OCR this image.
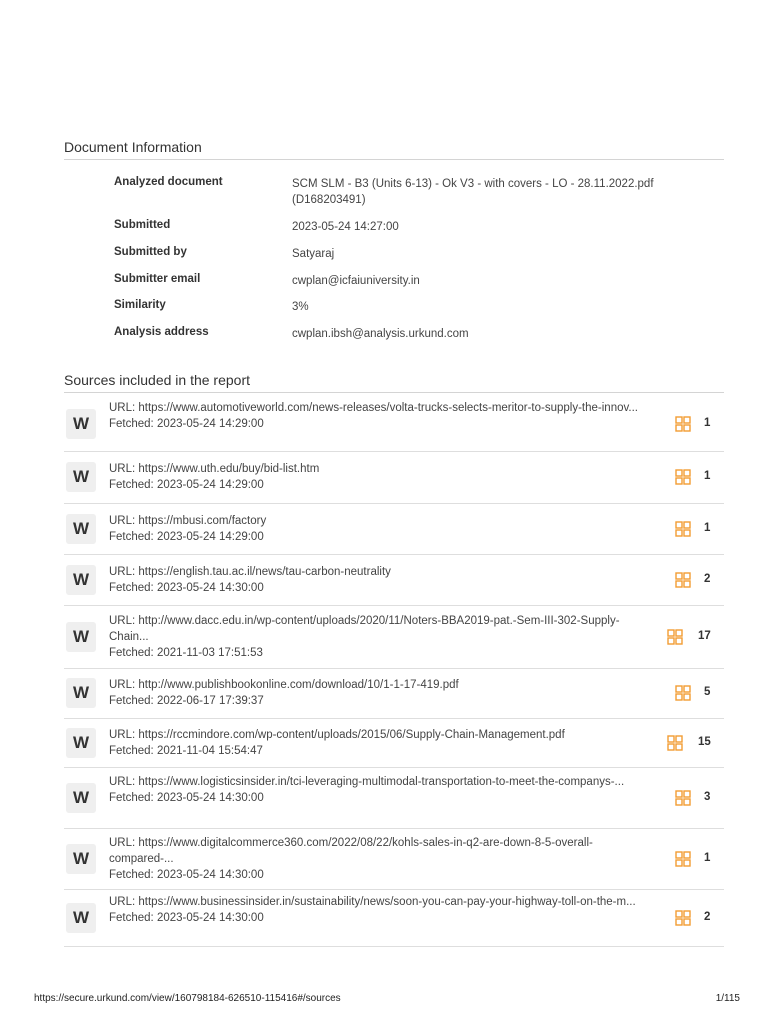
Document Information
Analyzed document	SCM SLM - B3 (Units 6-13) - Ok V3 - with covers - LO - 28.11.2022.pdf (D168203491)
Submitted	2023-05-24 14:27:00
Submitted by	Satyaraj
Submitter email	cwplan@icfaiuniversity.in
Similarity	3%
Analysis address	cwplan.ibsh@analysis.urkund.com
Sources included in the report
W
URL: https://www.automotiveworld.com/news-releases/volta-trucks-selects-meritor-to-supply-the-innov...
Fetched: 2023-05-24 14:29:00	1
W	URL: https://www.uth.edu/buy/bid-list.htm
Fetched: 2023-05-24 14:29:00
1
W	URL: https://mbusi.com/factory
Fetched: 2023-05-24 14:29:00
1
W	URL: https://english.tau.ac.il/news/tau-carbon-neutrality
Fetched: 2023-05-24 14:30:00
2
W
URL: http://www.dacc.edu.in/wp-content/uploads/2020/11/Noters-BBA2019-pat.-Sem-III-302-Supply-Chain...
Fetched: 2021-11-03 17:51:53
17
W	URL: http://www.publishbookonline.com/download/10/1-1-17-419.pdf
Fetched: 2022-06-17 17:39:37
5
W	URL: https://rccmindore.com/wp-content/uploads/2015/06/Supply-Chain-Management.pdf
Fetched: 2021-11-04 15:54:47
15
W
URL: https://www.logisticsinsider.in/tci-leveraging-multimodal-transportation-to-meet-the-companys-...
Fetched: 2023-05-24 14:30:00	3
W
URL: https://www.digitalcommerce360.com/2022/08/22/kohls-sales-in-q2-are-down-8-5-overall-compared-...
Fetched: 2023-05-24 14:30:00
1
W
URL: https://www.businessinsider.in/sustainability/news/soon-you-can-pay-your-highway-toll-on-the-m...
Fetched: 2023-05-24 14:30:00	2
https://secure.urkund.com/view/160798184-626510-115416#/sources	1/115
